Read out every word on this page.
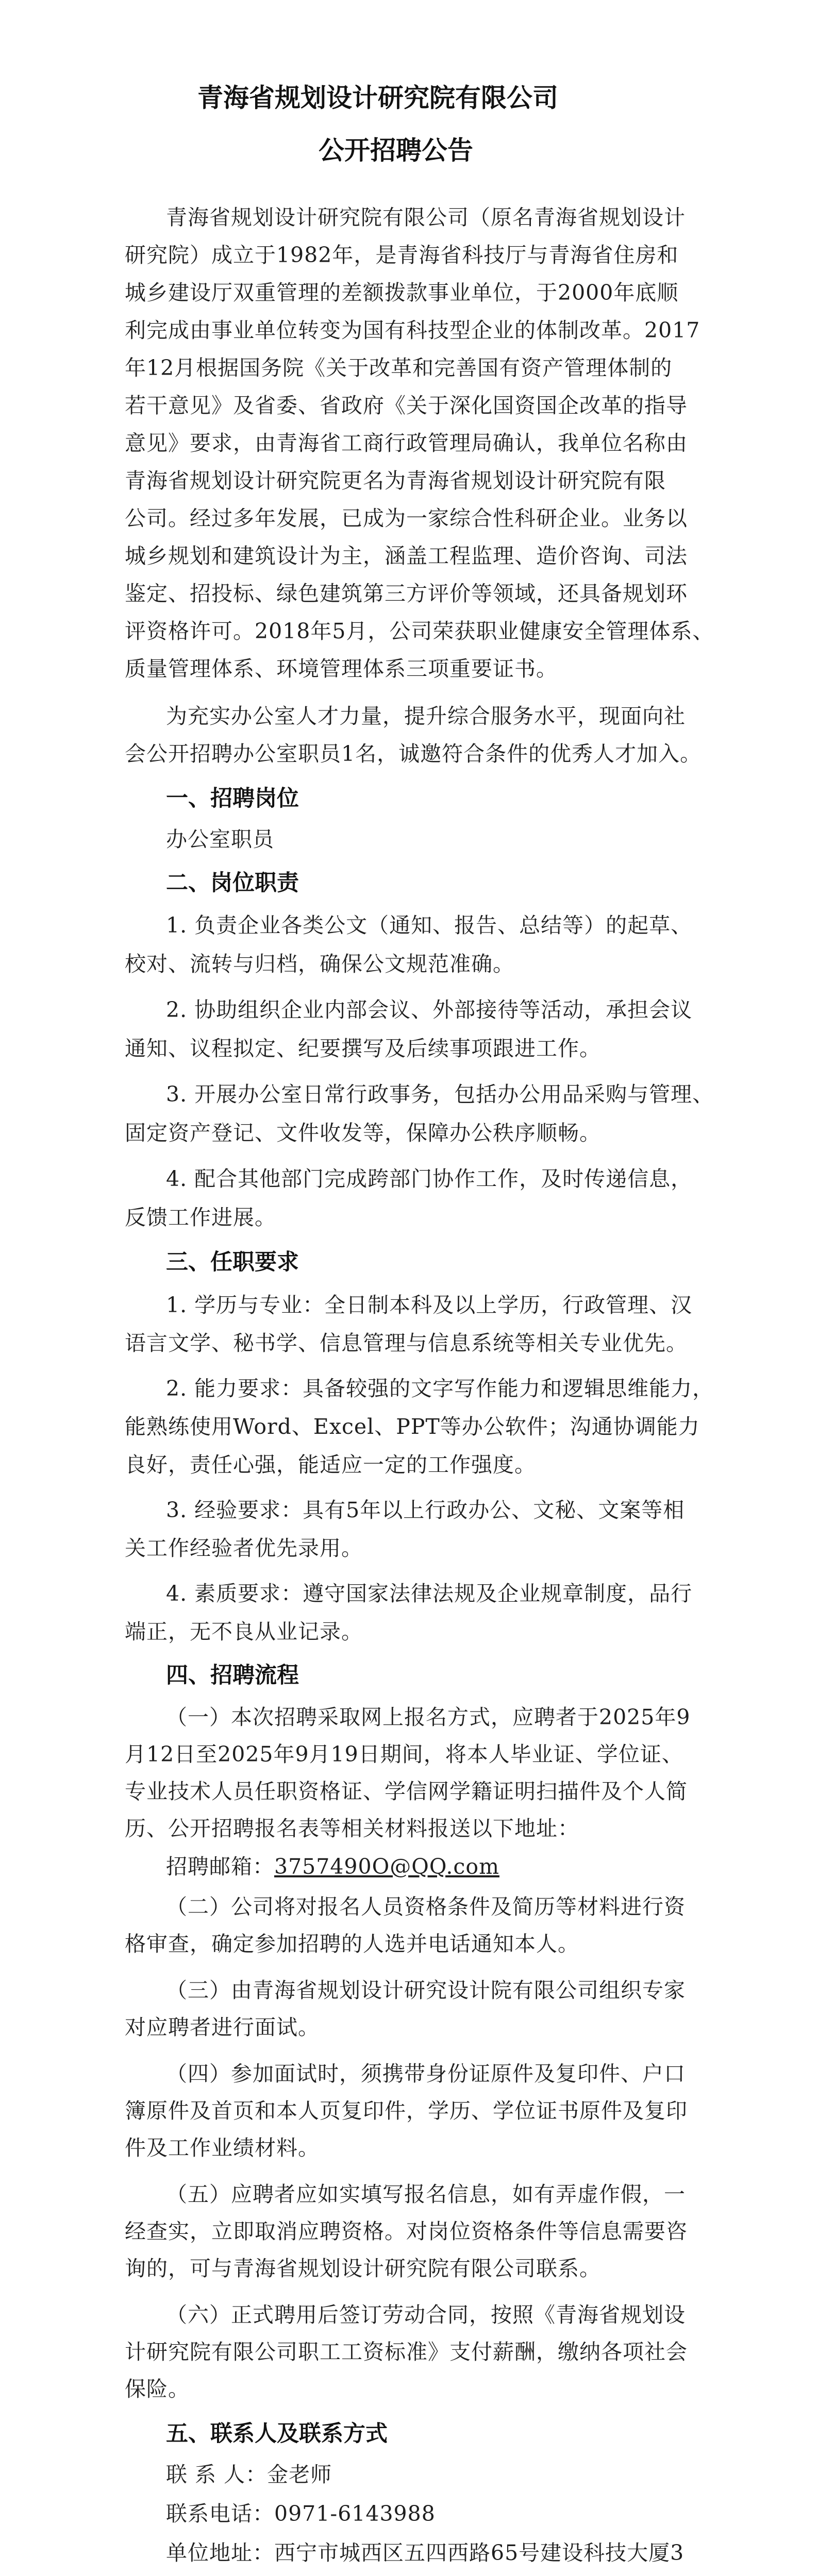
青海省规划设计研究院有限公司
公开招聘公告

青海省规划设计研究院有限公司（原名青海省规划设计

研究院）成立于1982年，是青海省科技厅与青海省住房和

城乡建设厅双重管理的差额拨款事业单位，于2000年底顺

利完成由事业单位转变为国有科技型企业的体制改革。2017

年12月根据国务院《关于改革和完善国有资产管理体制的

若干意见》及省委、省政府《关于深化国资国企改革的指导

意见》要求，由青海省工商行政管理局确认，我单位名称由

青海省规划设计研究院更名为青海省规划设计研究院有限

公司。经过多年发展，已成为一家综合性科研企业。业务以

城乡规划和建筑设计为主，涵盖工程监理、造价咨询、司法

鉴定、招投标、绿色建筑第三方评价等领域，还具备规划环

评资格许可。2018年5月，公司荣获职业健康安全管理体系、

质量管理体系、环境管理体系三项重要证书。

为充实办公室人才力量，提升综合服务水平，现面向社

会公开招聘办公室职员1名，诚邀符合条件的优秀人才加入。

一、招聘岗位

办公室职员

二、岗位职责

1. 负责企业各类公文（通知、报告、总结等）的起草、

校对、流转与归档，确保公文规范准确。

2. 协助组织企业内部会议、外部接待等活动，承担会议

通知、议程拟定、纪要撰写及后续事项跟进工作。

3. 开展办公室日常行政事务，包括办公用品采购与管理、

固定资产登记、文件收发等，保障办公秩序顺畅。

4. 配合其他部门完成跨部门协作工作，及时传递信息，

反馈工作进展。

三、任职要求

1. 学历与专业：全日制本科及以上学历，行政管理、汉

语言文学、秘书学、信息管理与信息系统等相关专业优先。

2. 能力要求：具备较强的文字写作能力和逻辑思维能力，

能熟练使用Word、Excel、PPT等办公软件；沟通协调能力

良好，责任心强，能适应一定的工作强度。

3. 经验要求：具有5年以上行政办公、文秘、文案等相

关工作经验者优先录用。

4. 素质要求：遵守国家法律法规及企业规章制度，品行

端正，无不良从业记录。

四、招聘流程

（一）本次招聘采取网上报名方式，应聘者于2025年9

月12日至2025年9月19日期间，将本人毕业证、学位证、

专业技术人员任职资格证、学信网学籍证明扫描件及个人简

历、公开招聘报名表等相关材料报送以下地址：

招聘邮箱：3757490O@QQ.com

（二）公司将对报名人员资格条件及简历等材料进行资

格审查，确定参加招聘的人选并电话通知本人。

（三）由青海省规划设计研究设计院有限公司组织专家

对应聘者进行面试。

（四）参加面试时，须携带身份证原件及复印件、户口

簿原件及首页和本人页复印件，学历、学位证书原件及复印

件及工作业绩材料。

（五）应聘者应如实填写报名信息，如有弄虚作假，一

经查实，立即取消应聘资格。对岗位资格条件等信息需要咨

询的，可与青海省规划设计研究院有限公司联系。

（六）正式聘用后签订劳动合同，按照《青海省规划设

计研究院有限公司职工工资标准》支付薪酬，缴纳各项社会

保险。

五、联系人及联系方式

联 系 人：金老师

联系电话：0971-6143988

单位地址：西宁市城西区五四西路65号建设科技大厦3
